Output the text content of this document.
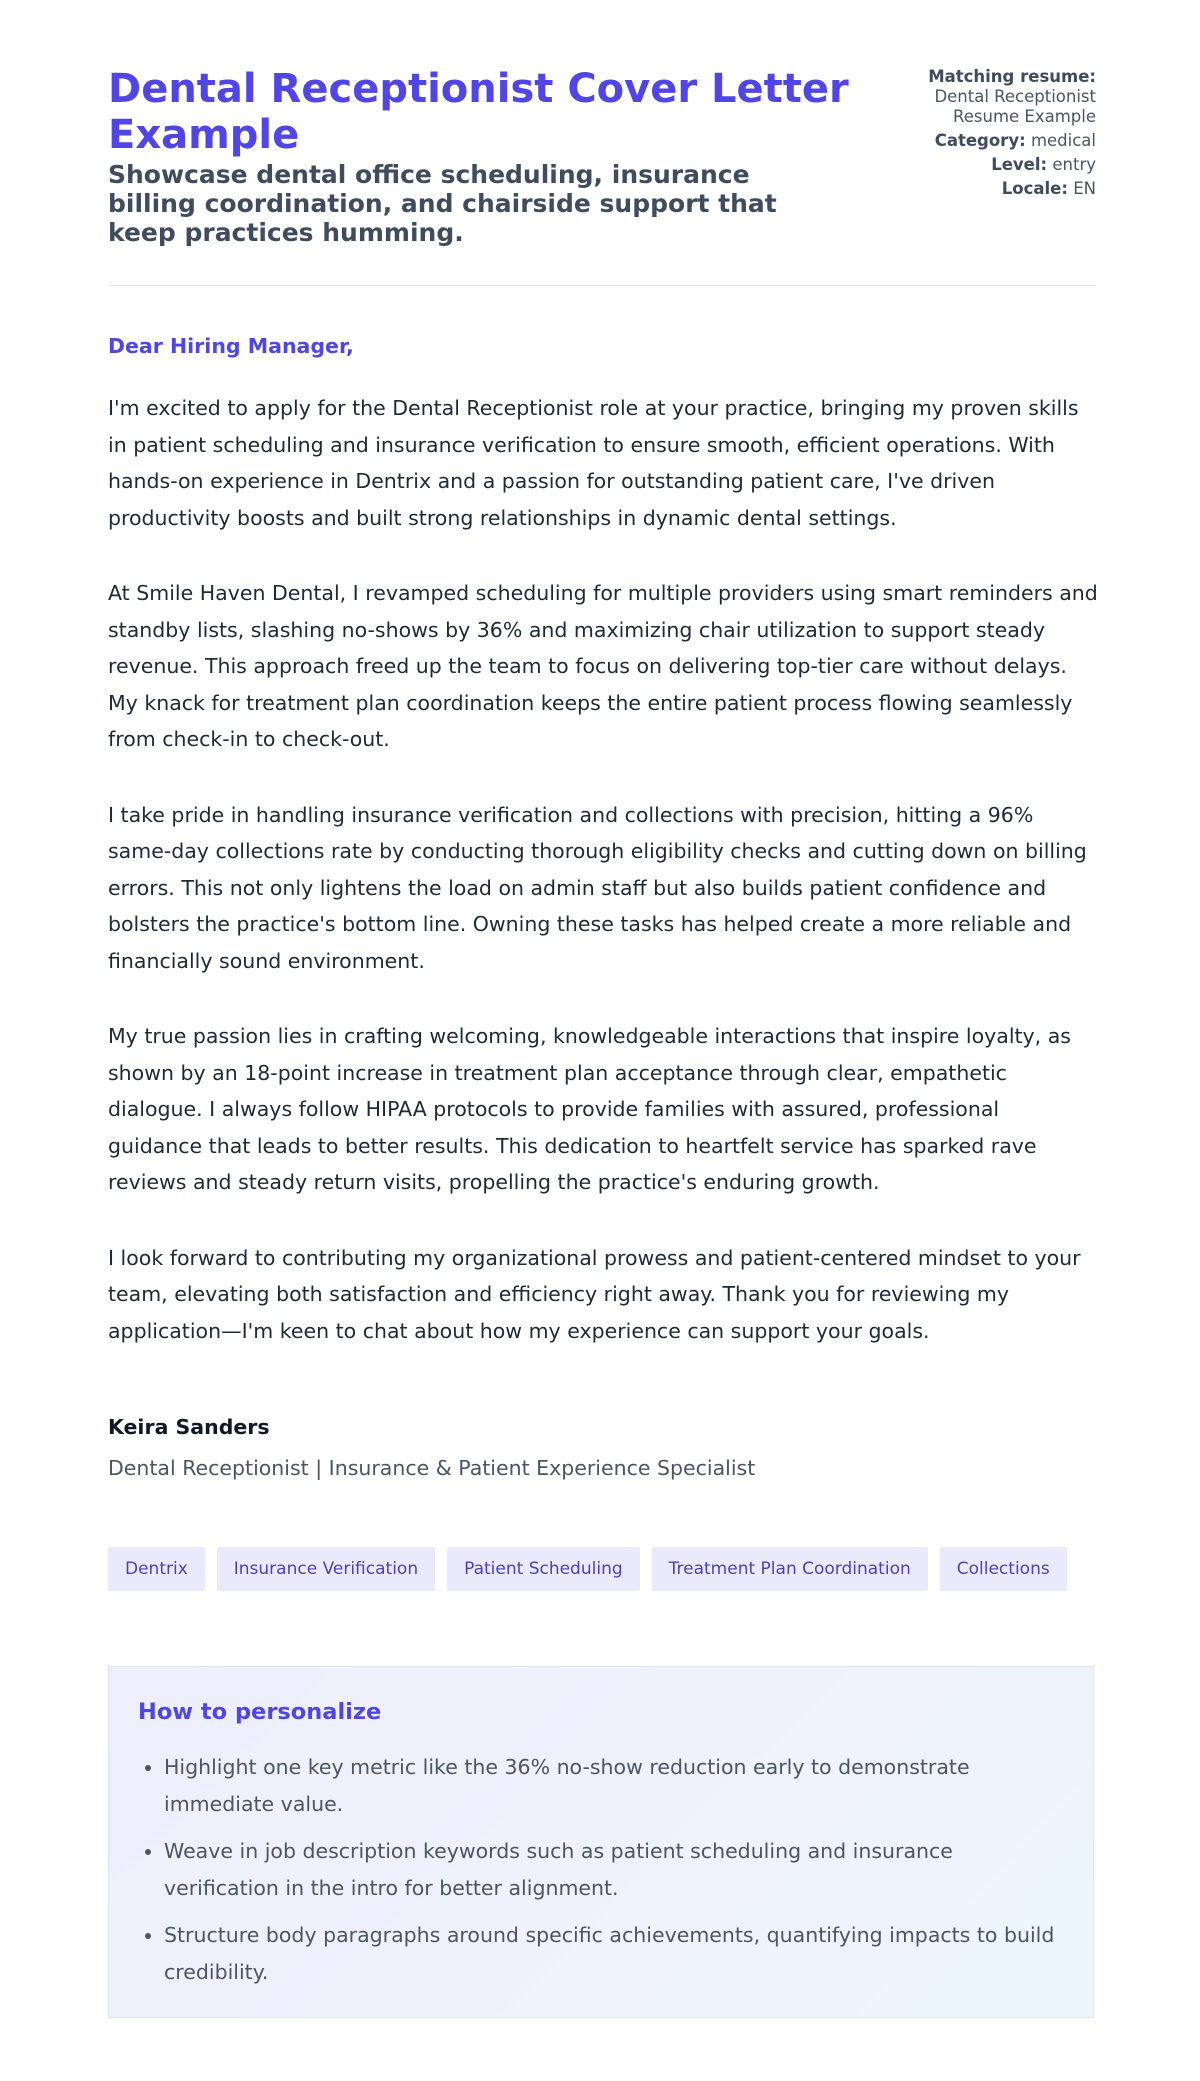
Dental Receptionist Cover Letter Example
Showcase dental office scheduling, insurance billing coordination, and chairside support that keep practices humming.
Matching resume:
Dental Receptionist
Resume Example
Category: medical
Level: entry
Locale: EN

Dear Hiring Manager,

I'm excited to apply for the Dental Receptionist role at your practice, bringing my proven skills in patient scheduling and insurance verification to ensure smooth, efficient operations. With hands-on experience in Dentrix and a passion for outstanding patient care, I've driven productivity boosts and built strong relationships in dynamic dental settings.

At Smile Haven Dental, I revamped scheduling for multiple providers using smart reminders and standby lists, slashing no-shows by 36% and maximizing chair utilization to support steady revenue. This approach freed up the team to focus on delivering top-tier care without delays. My knack for treatment plan coordination keeps the entire patient process flowing seamlessly from check-in to check-out.

I take pride in handling insurance verification and collections with precision, hitting a 96% same-day collections rate by conducting thorough eligibility checks and cutting down on billing errors. This not only lightens the load on admin staff but also builds patient confidence and bolsters the practice's bottom line. Owning these tasks has helped create a more reliable and financially sound environment.

My true passion lies in crafting welcoming, knowledgeable interactions that inspire loyalty, as shown by an 18-point increase in treatment plan acceptance through clear, empathetic dialogue. I always follow HIPAA protocols to provide families with assured, professional guidance that leads to better results. This dedication to heartfelt service has sparked rave reviews and steady return visits, propelling the practice's enduring growth.

I look forward to contributing my organizational prowess and patient-centered mindset to your team, elevating both satisfaction and efficiency right away. Thank you for reviewing my application—I'm keen to chat about how my experience can support your goals.

Keira Sanders
Dental Receptionist | Insurance & Patient Experience Specialist
Dentrix	Insurance Verification	Patient Scheduling	Treatment Plan Coordination	Collections
How to personalize
• Highlight one key metric like the 36% no-show reduction early to demonstrate immediate value.
• Weave in job description keywords such as patient scheduling and insurance verification in the intro for better alignment.
• Structure body paragraphs around specific achievements, quantifying impacts to build credibility.
